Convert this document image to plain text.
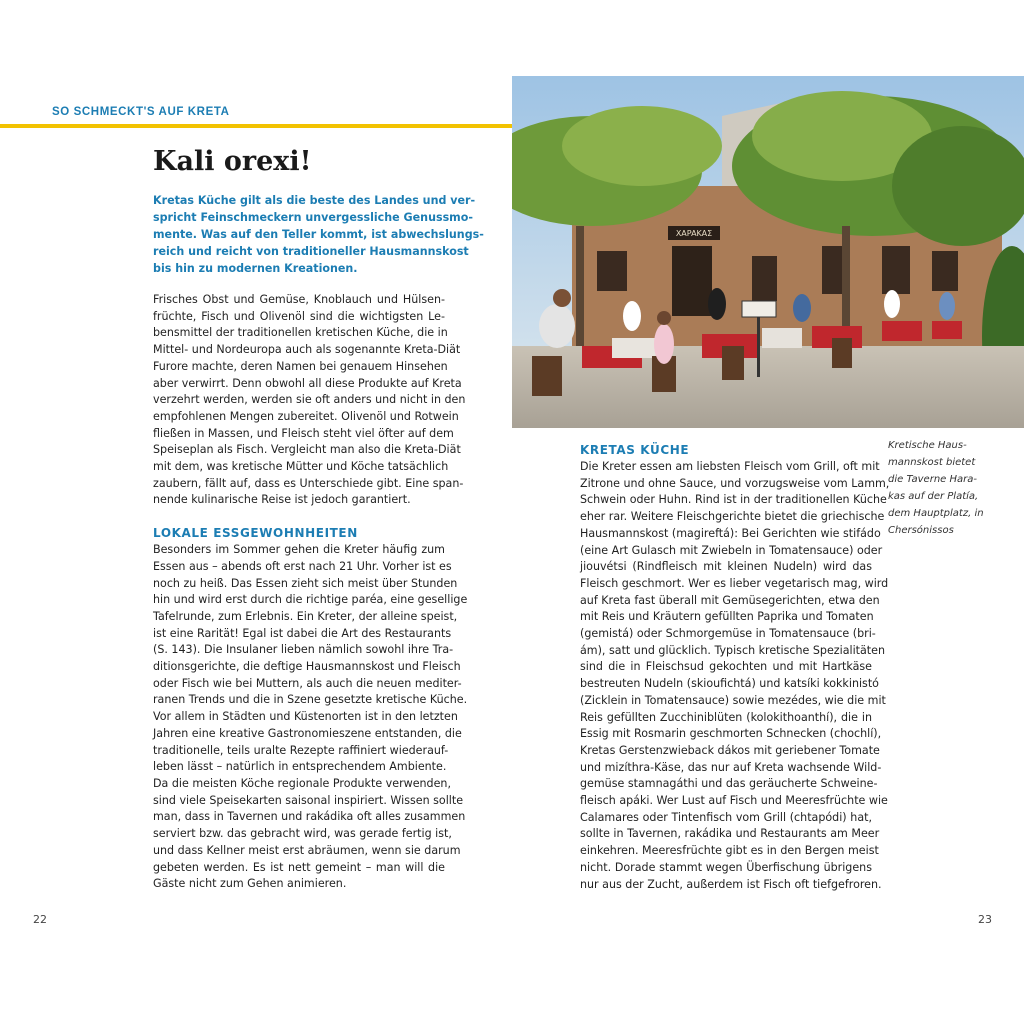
SO SCHMECKT'S AUF KRETA
Kali orexi!
Kretas Küche gilt als die beste des Landes und ver-
spricht Feinschmeckern unvergessliche Genussmo-
mente. Was auf den Teller kommt, ist abwechslungs-
reich und reicht von traditioneller Hausmannskost
bis hin zu modernen Kreationen.
Frisches Obst und Gemüse, Knoblauch und Hülsen-
früchte, Fisch und Olivenöl sind die wichtigsten Le-
bensmittel der traditionellen kretischen Küche, die in
Mittel- und Nordeuropa auch als sogenannte Kreta-Diät
Furore machte, deren Namen bei genauem Hinsehen
aber verwirrt. Denn obwohl all diese Produkte auf Kreta
verzehrt werden, werden sie oft anders und nicht in den
empfohlenen Mengen zubereitet. Olivenöl und Rotwein
fließen in Massen, und Fleisch steht viel öfter auf dem
Speiseplan als Fisch. Vergleicht man also die Kreta-Diät
mit dem, was kretische Mütter und Köche tatsächlich
zaubern, fällt auf, dass es Unterschiede gibt. Eine span-
nende kulinarische Reise ist jedoch garantiert.
LOKALE ESSGEWOHNHEITEN
Besonders im Sommer gehen die Kreter häufig zum
Essen aus – abends oft erst nach 21 Uhr. Vorher ist es
noch zu heiß. Das Essen zieht sich meist über Stunden
hin und wird erst durch die richtige paréa, eine gesellige
Tafelrunde, zum Erlebnis. Ein Kreter, der alleine speist,
ist eine Rarität! Egal ist dabei die Art des Restaurants
(S. 143). Die Insulaner lieben nämlich sowohl ihre Tra-
ditionsgerichte, die deftige Hausmannskost und Fleisch
oder Fisch wie bei Muttern, als auch die neuen mediter-
ranen Trends und die in Szene gesetzte kretische Küche.
Vor allem in Städten und Küstenorten ist in den letzten
Jahren eine kreative Gastronomieszene entstanden, die
traditionelle, teils uralte Rezepte raffiniert wiederauf-
leben lässt – natürlich in entsprechendem Ambiente.
Da die meisten Köche regionale Produkte verwenden,
sind viele Speisekarten saisonal inspiriert. Wissen sollte
man, dass in Tavernen und rakádika oft alles zusammen
serviert bzw. das gebracht wird, was gerade fertig ist,
und dass Kellner meist erst abräumen, wenn sie darum
gebeten werden. Es ist nett gemeint – man will die
Gäste nicht zum Gehen animieren.
XAPAKAΣ
KRETAS KÜCHE
Die Kreter essen am liebsten Fleisch vom Grill, oft mit
Zitrone und ohne Sauce, und vorzugsweise vom Lamm,
Schwein oder Huhn. Rind ist in der traditionellen Küche
eher rar. Weitere Fleischgerichte bietet die griechische
Hausmannskost (magireftá): Bei Gerichten wie stifádo
(eine Art Gulasch mit Zwiebeln in Tomatensauce) oder
jiouvétsi (Rindfleisch mit kleinen Nudeln) wird das
Fleisch geschmort. Wer es lieber vegetarisch mag, wird
auf Kreta fast überall mit Gemüsegerichten, etwa den
mit Reis und Kräutern gefüllten Paprika und Tomaten
(gemistá) oder Schmorgemüse in Tomatensauce (bri-
ám), satt und glücklich. Typisch kretische Spezialitäten
sind die in Fleischsud gekochten und mit Hartkäse
bestreuten Nudeln (skioufichtá) und katsíki kokkinistó
(Zicklein in Tomatensauce) sowie mezédes, wie die mit
Reis gefüllten Zucchiniblüten (kolokithoanthí), die in
Essig mit Rosmarin geschmorten Schnecken (chochlí),
Kretas Gerstenzwieback dákos mit geriebener Tomate
und mizíthra-Käse, das nur auf Kreta wachsende Wild-
gemüse stamnagáthi und das geräucherte Schweine-
fleisch apáki. Wer Lust auf Fisch und Meeresfrüchte wie
Calamares oder Tintenfisch vom Grill (chtapódi) hat,
sollte in Tavernen, rakádika und Restaurants am Meer
einkehren. Meeresfrüchte gibt es in den Bergen meist
nicht. Dorade stammt wegen Überfischung übrigens
nur aus der Zucht, außerdem ist Fisch oft tiefgefroren.
Kretische Haus-
mannskost bietet
die Taverne Hara-
kas auf der Platía,
dem Hauptplatz, in
Chersónissos
22	23
